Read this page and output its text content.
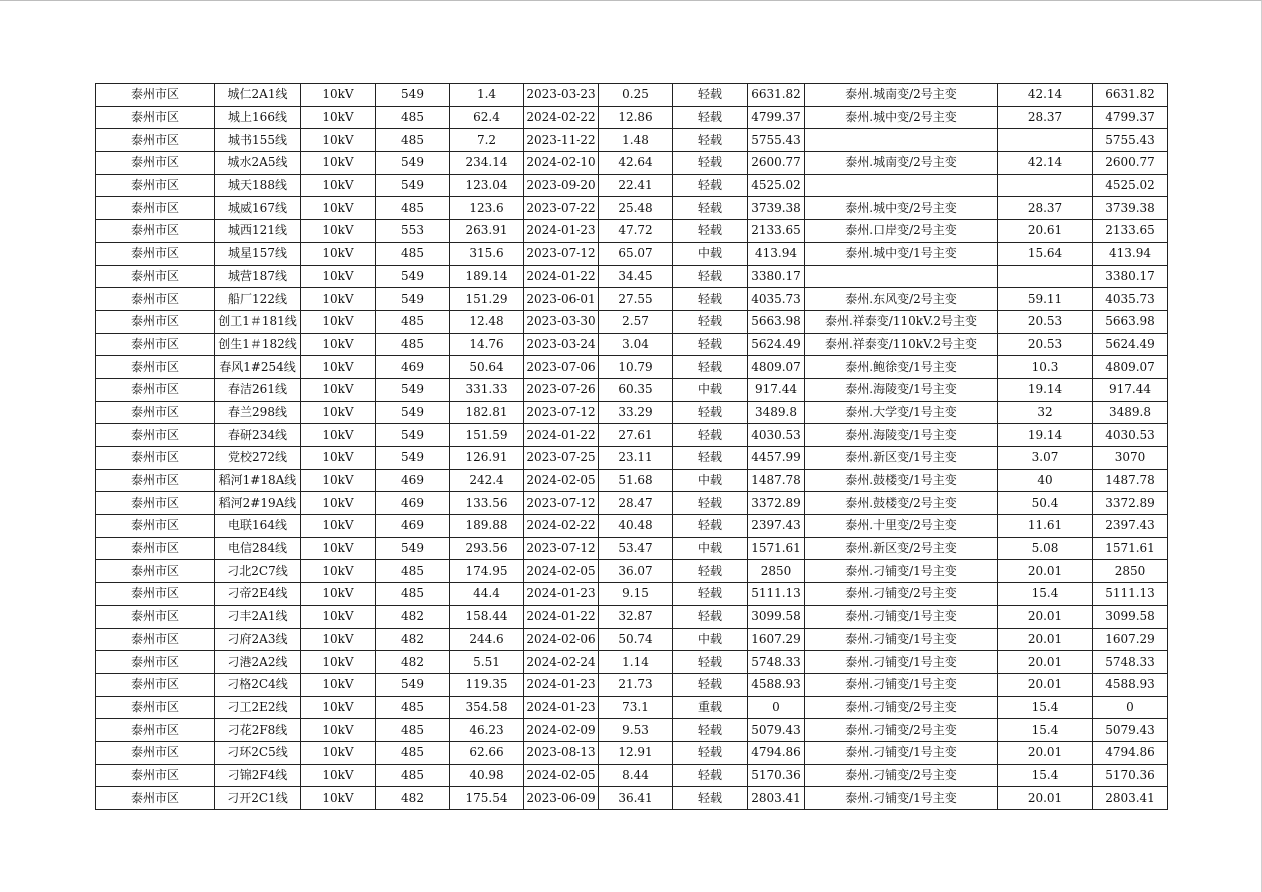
泰州市区	城仁2A1线	10kV	549	1.4	2023-03-23	0.25	轻载	6631.82	泰州.城南变/2号主变	42.14	6631.82
泰州市区	城上166线	10kV	485	62.4	2024-02-22	12.86	轻载	4799.37	泰州.城中变/2号主变	28.37	4799.37
泰州市区	城书155线	10kV	485	7.2	2023-11-22	1.48	轻载	5755.43			5755.43
泰州市区	城水2A5线	10kV	549	234.14	2024-02-10	42.64	轻载	2600.77	泰州.城南变/2号主变	42.14	2600.77
泰州市区	城天188线	10kV	549	123.04	2023-09-20	22.41	轻载	4525.02			4525.02
泰州市区	城威167线	10kV	485	123.6	2023-07-22	25.48	轻载	3739.38	泰州.城中变/2号主变	28.37	3739.38
泰州市区	城西121线	10kV	553	263.91	2024-01-23	47.72	轻载	2133.65	泰州.口岸变/2号主变	20.61	2133.65
泰州市区	城星157线	10kV	485	315.6	2023-07-12	65.07	中载	413.94	泰州.城中变/1号主变	15.64	413.94
泰州市区	城营187线	10kV	549	189.14	2024-01-22	34.45	轻载	3380.17			3380.17
泰州市区	船厂122线	10kV	549	151.29	2023-06-01	27.55	轻载	4035.73	泰州.东风变/2号主变	59.11	4035.73
泰州市区	创工1＃181线	10kV	485	12.48	2023-03-30	2.57	轻载	5663.98	泰州.祥泰变/110kV.2号主变	20.53	5663.98
泰州市区	创生1＃182线	10kV	485	14.76	2023-03-24	3.04	轻载	5624.49	泰州.祥泰变/110kV.2号主变	20.53	5624.49
泰州市区	春风1#254线	10kV	469	50.64	2023-07-06	10.79	轻载	4809.07	泰州.鲍徐变/1号主变	10.3	4809.07
泰州市区	春洁261线	10kV	549	331.33	2023-07-26	60.35	中载	917.44	泰州.海陵变/1号主变	19.14	917.44
泰州市区	春兰298线	10kV	549	182.81	2023-07-12	33.29	轻载	3489.8	泰州.大学变/1号主变	32	3489.8
泰州市区	春研234线	10kV	549	151.59	2024-01-22	27.61	轻载	4030.53	泰州.海陵变/1号主变	19.14	4030.53
泰州市区	党校272线	10kV	549	126.91	2023-07-25	23.11	轻载	4457.99	泰州.新区变/1号主变	3.07	3070
泰州市区	稻河1#18A线	10kV	469	242.4	2024-02-05	51.68	中载	1487.78	泰州.鼓楼变/1号主变	40	1487.78
泰州市区	稻河2#19A线	10kV	469	133.56	2023-07-12	28.47	轻载	3372.89	泰州.鼓楼变/2号主变	50.4	3372.89
泰州市区	电联164线	10kV	469	189.88	2024-02-22	40.48	轻载	2397.43	泰州.十里变/2号主变	11.61	2397.43
泰州市区	电信284线	10kV	549	293.56	2023-07-12	53.47	中载	1571.61	泰州.新区变/2号主变	5.08	1571.61
泰州市区	刁北2C7线	10kV	485	174.95	2024-02-05	36.07	轻载	2850	泰州.刁铺变/1号主变	20.01	2850
泰州市区	刁帝2E4线	10kV	485	44.4	2024-01-23	9.15	轻载	5111.13	泰州.刁铺变/2号主变	15.4	5111.13
泰州市区	刁丰2A1线	10kV	482	158.44	2024-01-22	32.87	轻载	3099.58	泰州.刁铺变/1号主变	20.01	3099.58
泰州市区	刁府2A3线	10kV	482	244.6	2024-02-06	50.74	中载	1607.29	泰州.刁铺变/1号主变	20.01	1607.29
泰州市区	刁港2A2线	10kV	482	5.51	2024-02-24	1.14	轻载	5748.33	泰州.刁铺变/1号主变	20.01	5748.33
泰州市区	刁格2C4线	10kV	549	119.35	2024-01-23	21.73	轻载	4588.93	泰州.刁铺变/1号主变	20.01	4588.93
泰州市区	刁工2E2线	10kV	485	354.58	2024-01-23	73.1	重载	0	泰州.刁铺变/2号主变	15.4	0
泰州市区	刁花2F8线	10kV	485	46.23	2024-02-09	9.53	轻载	5079.43	泰州.刁铺变/2号主变	15.4	5079.43
泰州市区	刁环2C5线	10kV	485	62.66	2023-08-13	12.91	轻载	4794.86	泰州.刁铺变/1号主变	20.01	4794.86
泰州市区	刁锦2F4线	10kV	485	40.98	2024-02-05	8.44	轻载	5170.36	泰州.刁铺变/2号主变	15.4	5170.36
泰州市区	刁开2C1线	10kV	482	175.54	2023-06-09	36.41	轻载	2803.41	泰州.刁铺变/1号主变	20.01	2803.41
